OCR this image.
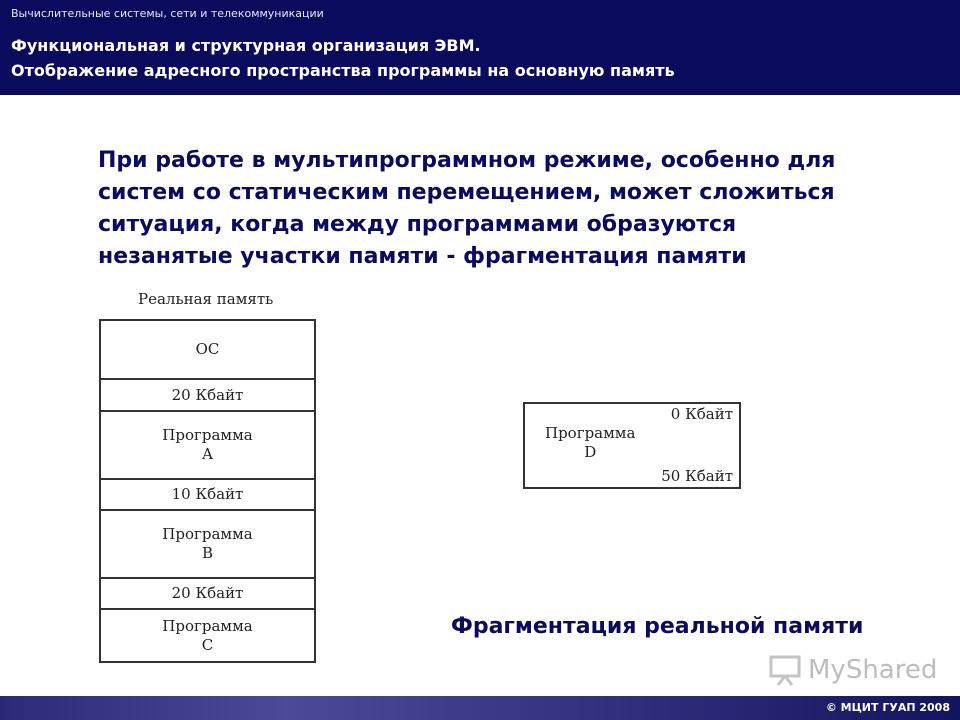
Вычислительные системы, сети и телекоммуникации
Функциональная и структурная организация ЭВМ.
Отображение адресного пространства программы на основную память
При работе в мультипрограммном режиме, особенно для
систем со статическим перемещением, может сложиться
ситуация, когда между программами образуются
незанятые участки памяти - фрагментация памяти
Реальная память
ОС
20 Кбайт
Программа
А
10 Кбайт
Программа
В
20 Кбайт
Программа
С
0 Кбайт
Программа
D
50 Кбайт
Фрагментация реальной памяти
MyShared
© МЦИТ ГУАП 2008
